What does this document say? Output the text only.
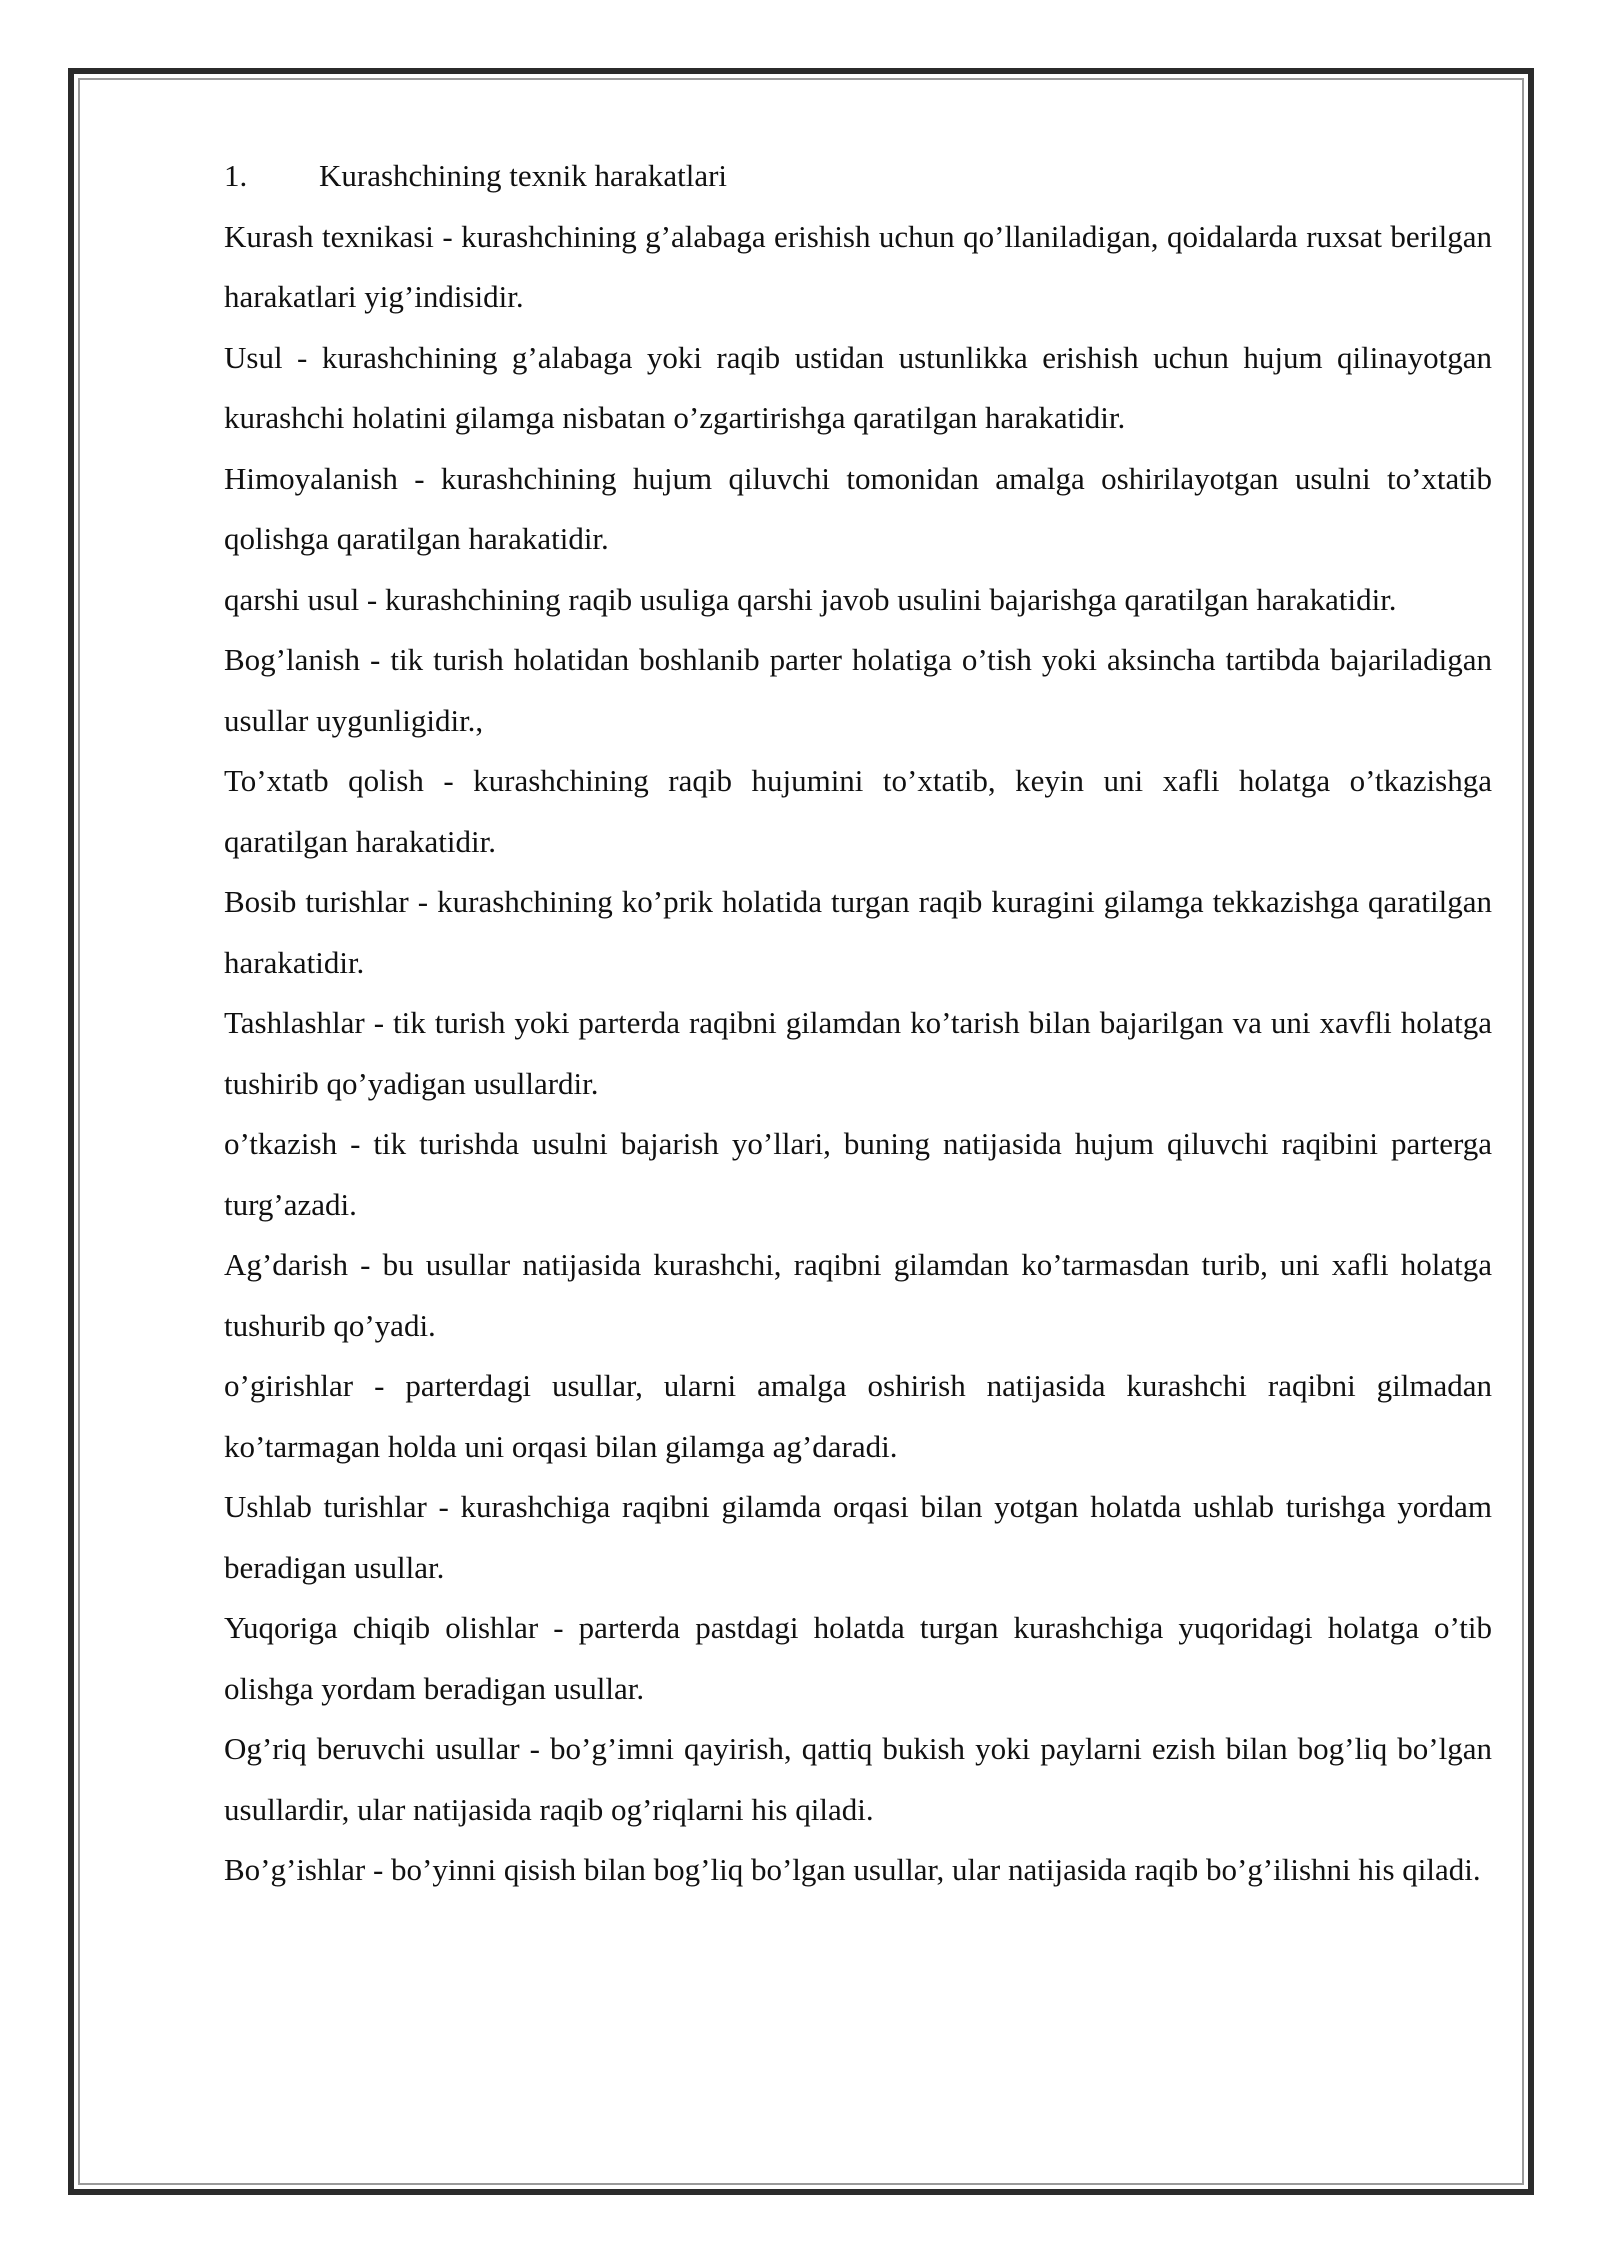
1.	Kurashchining texnik harakatlari

Kurash texnikasi - kurashchining g’alabaga erishish uchun qo’llaniladigan, qoidalarda ruxsat berilgan harakatlari yig’indisidir.

Usul - kurashchining g’alabaga yoki raqib ustidan ustunlikka erishish uchun hujum qilinayotgan kurashchi holatini gilamga nisbatan o’zgartirishga qaratilgan harakatidir.

Himoyalanish - kurashchining hujum qiluvchi tomonidan amalga oshirilayotgan usulni to’xtatib qolishga qaratilgan harakatidir.

qarshi usul - kurashchining raqib usuliga qarshi javob usulini bajarishga qaratilgan harakatidir.

Bog’lanish - tik turish holatidan boshlanib parter holatiga o’tish yoki aksincha tartibda bajariladigan usullar uygunligidir.,

To’xtatb qolish - kurashchining raqib hujumini to’xtatib, keyin uni xafli holatga o’tkazishga qaratilgan harakatidir.

Bosib turishlar - kurashchining ko’prik holatida turgan raqib kuragini gilamga tekkazishga qaratilgan harakatidir.

Tashlashlar - tik turish yoki parterda raqibni gilamdan ko’tarish bilan bajarilgan va uni xavfli holatga tushirib qo’yadigan usullardir.

o’tkazish - tik turishda usulni bajarish yo’llari, buning natijasida hujum qiluvchi raqibini parterga turg’azadi.

Ag’darish - bu usullar natijasida kurashchi, raqibni gilamdan ko’tarmasdan turib, uni xafli holatga tushurib qo’yadi.

o’girishlar - parterdagi usullar, ularni amalga oshirish natijasida kurashchi raqibni gilmadan ko’tarmagan holda uni orqasi bilan gilamga ag’daradi.

Ushlab turishlar - kurashchiga raqibni gilamda orqasi bilan yotgan holatda ushlab turishga yordam beradigan usullar.

Yuqoriga chiqib olishlar - parterda pastdagi holatda turgan kurashchiga yuqoridagi holatga o’tib olishga yordam beradigan usullar.

Og’riq beruvchi usullar - bo’g’imni qayirish, qattiq bukish yoki paylarni ezish bilan bog’liq bo’lgan usullardir, ular natijasida raqib og’riqlarni his qiladi.

Bo’g’ishlar - bo’yinni qisish bilan bog’liq bo’lgan usullar, ular natijasida raqib bo’g’ilishni his qiladi.
